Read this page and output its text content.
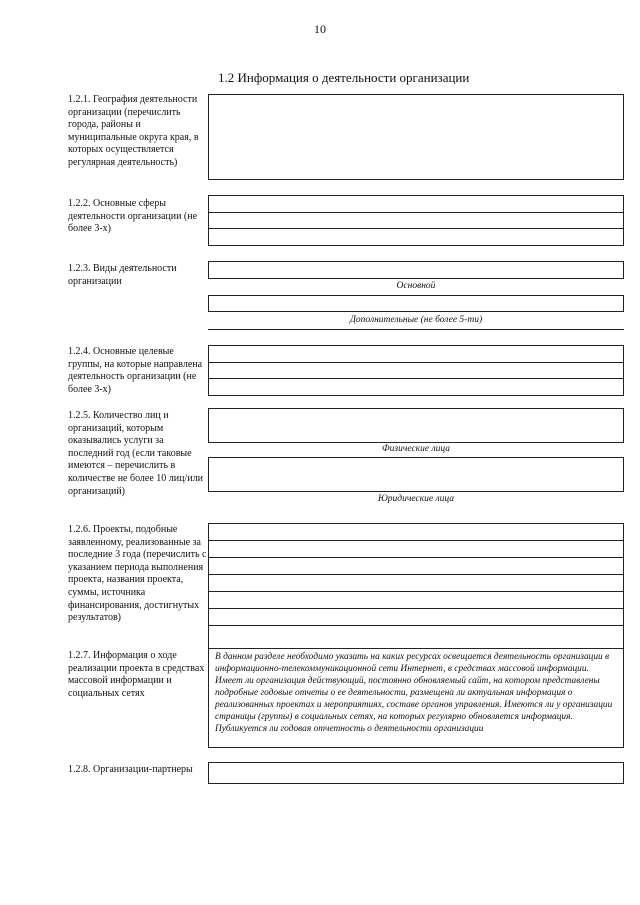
10
1.2 Информация о деятельности организации
1.2.1. География деятельности организации (перечислить города, районы и муниципальные округа края, в которых осуществляется регулярная деятельность)
1.2.2. Основные сферы деятельности организации (не более 3-х)
1.2.3. Виды деятельности организации	Основной
Дополнительные (не более 5-ти)
1.2.4. Основные целевые группы, на которые направлена деятельность организации (не более 3-х)
1.2.5. Количество лиц и организаций, которым оказывались услуги за последний год (если таковые имеются – перечислить в количестве не более 10 лиц/или организаций)
Физические лица
Юридические лица
1.2.6. Проекты, подобные заявленному, реализованные за последние 3 года (перечислить с указанием периода выполнения проекта, названия проекта, суммы, источника финансирования, достигнутых результатов)
1.2.7. Информация о ходе реализации проекта в средствах массовой информации и социальных сетях
В данном разделе необходимо указать на каких ресурсах освещается деятельность организации в информационно-телекоммуникационной сети Интернет, в средствах массовой информации. Имеет ли организация действующий, постоянно обновляемый сайт, на котором представлены подробные годовые отчеты о ее деятельности, размещена ли актуальная информация о реализованных проектах и мероприятиях, составе органов управления. Имеются ли у организации страницы (группы) в социальных сетях, на которых регулярно обновляется информация. Публикуется ли годовая отчетность о деятельности организации
1.2.8. Организации-партнеры
